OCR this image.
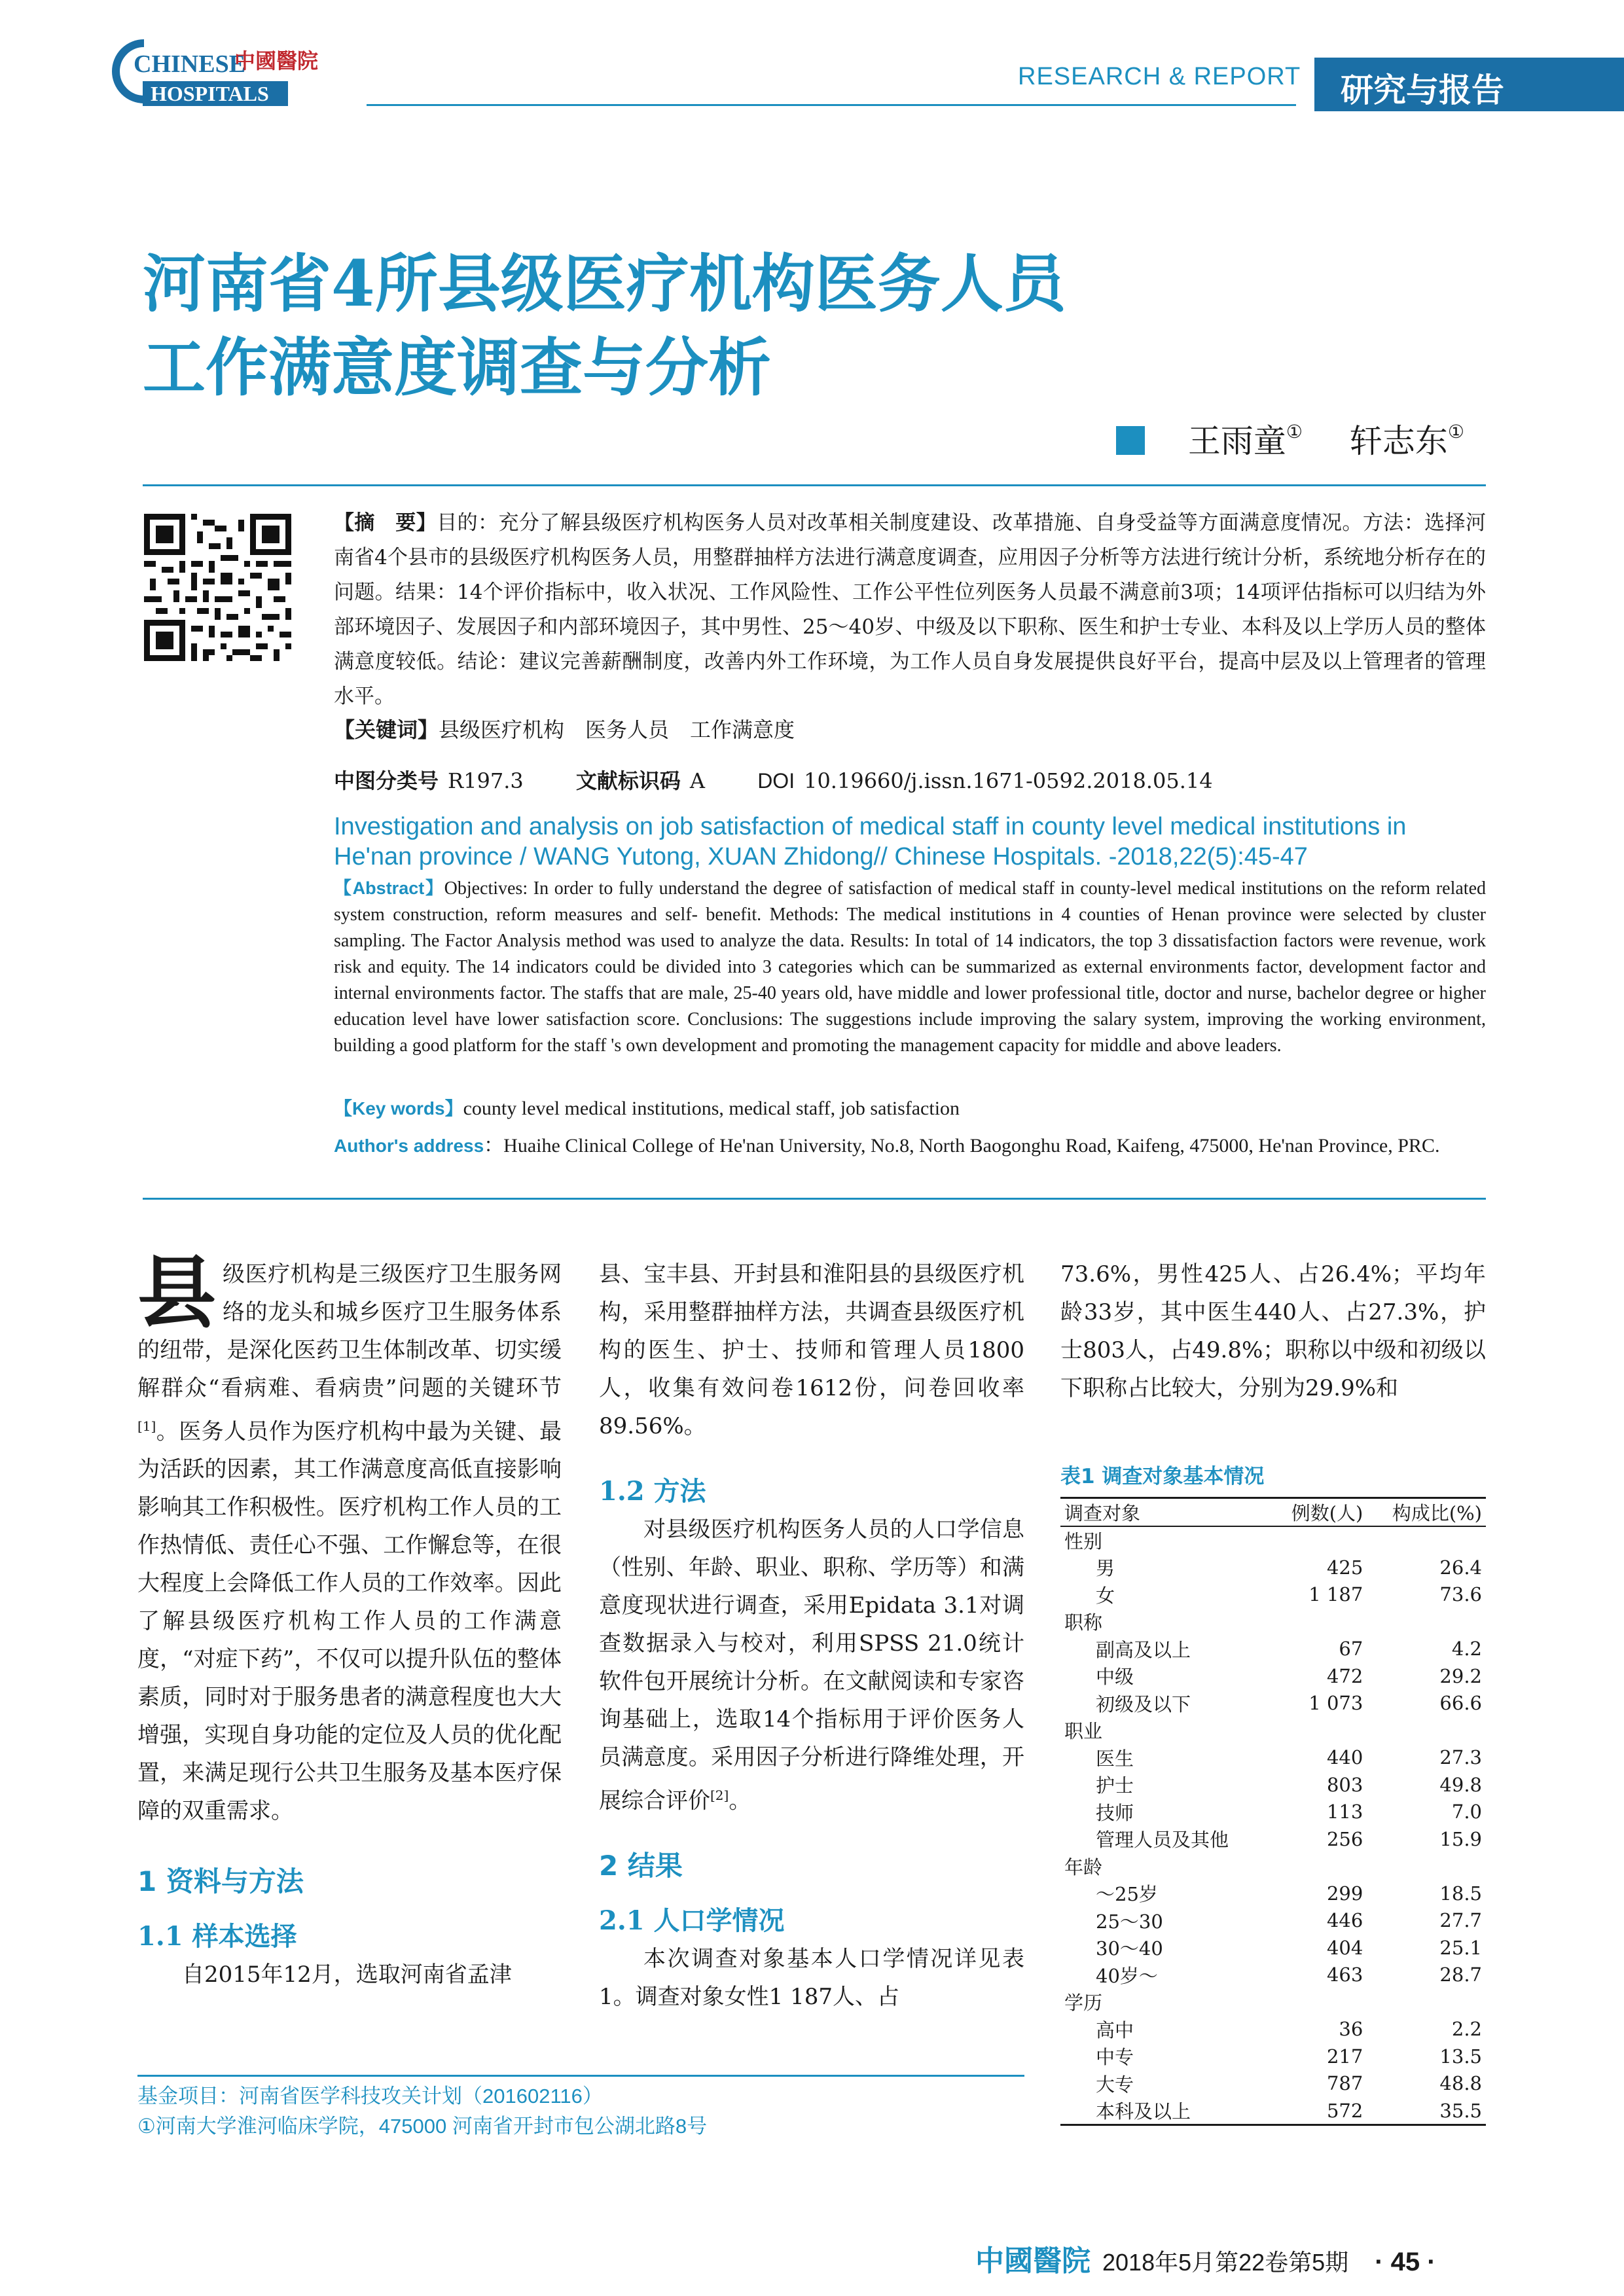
CHINESE
中國醫院
HOSPITALS
RESEARCH & REPORT	研究与报告
河南省4所县级医疗机构医务人员
工作满意度调查与分析
王雨童① 轩志东①
【摘　要】目的：充分了解县级医疗机构医务人员对改革相关制度建设、改革措施、自身受益等方面满意度情况。方法：选择河南省4个县市的县级医疗机构医务人员，用整群抽样方法进行满意度调查，应用因子分析等方法进行统计分析，系统地分析存在的问题。结果：14个评价指标中，收入状况、工作风险性、工作公平性位列医务人员最不满意前3项；14项评估指标可以归结为外部环境因子、发展因子和内部环境因子，其中男性、25～40岁、中级及以下职称、医生和护士专业、本科及以上学历人员的整体满意度较低。结论：建议完善薪酬制度，改善内外工作环境，为工作人员自身发展提供良好平台，提高中层及以上管理者的管理水平。
【关键词】县级医疗机构　医务人员　工作满意度
中图分类号 R197.3	文献标识码 A	DOI 10.19660/j.issn.1671-0592.2018.05.14
Investigation and analysis on job satisfaction of medical staff in county level medical institutions in He'nan province / WANG Yutong, XUAN Zhidong// Chinese Hospitals. -2018,22(5):45-47
【Abstract】Objectives: In order to fully understand the degree of satisfaction of medical staff in county-level medical institutions on the reform related system construction, reform measures and self- benefit. Methods: The medical institutions in 4 counties of Henan province were selected by cluster sampling. The Factor Analysis method was used to analyze the data. Results: In total of 14 indicators, the top 3 dissatisfaction factors were revenue, work risk and equity. The 14 indicators could be divided into 3 categories which can be summarized as external environments factor, development factor and internal environments factor. The staffs that are male, 25-40 years old, have middle and lower professional title, doctor and nurse, bachelor degree or higher education level have lower satisfaction score. Conclusions: The suggestions include improving the salary system, improving the working environment, building a good platform for the staff 's own development and promoting the management capacity for middle and above leaders.
【Key words】county level medical institutions, medical staff, job satisfaction
Author's address：Huaihe Clinical College of He'nan University, No.8, North Baogonghu Road, Kaifeng, 475000, He'nan Province, PRC.

县级医疗机构是三级医疗卫生服务网络的龙头和城乡医疗卫生服务体系的纽带，是深化医药卫生体制改革、切实缓解群众“看病难、看病贵”问题的关键环节[1]。医务人员作为医疗机构中最为关键、最为活跃的因素，其工作满意度高低直接影响影响其工作积极性。医疗机构工作人员的工作热情低、责任心不强、工作懈怠等，在很大程度上会降低工作人员的工作效率。因此了解县级医疗机构工作人员的工作满意度，“对症下药”，不仅可以提升队伍的整体素质，同时对于服务患者的满意程度也大大增强，实现自身功能的定位及人员的优化配置，来满足现行公共卫生服务及基本医疗保障的双重需求。

1 资料与方法

1.1 样本选择

自2015年12月，选取河南省孟津

县、宝丰县、开封县和淮阳县的县级医疗机构，采用整群抽样方法，共调查县级医疗机构的医生、护士、技师和管理人员1800人，收集有效问卷1612份，问卷回收率89.56%。

1.2 方法

对县级医疗机构医务人员的人口学信息（性别、年龄、职业、职称、学历等）和满意度现状进行调查，采用Epidata 3.1对调查数据录入与校对，利用SPSS 21.0统计软件包开展统计分析。在文献阅读和专家咨询基础上，选取14个指标用于评价医务人员满意度。采用因子分析进行降维处理，开展综合评价[2]。

2 结果

2.1 人口学情况

本次调查对象基本人口学情况详见表1。调查对象女性1 187人、占

73.6%，男性425人、占26.4%；平均年龄33岁，其中医生440人、占27.3%，护士803人，占49.8%；职称以中级和初级以下职称占比较大，分别为29.9%和

表1 调查对象基本情况
调查对象	例数(人)	构成比(%)
性别		
男	425	26.4
女	1 187	73.6
职称		
副高及以上	67	4.2
中级	472	29.2
初级及以下	1 073	66.6
职业		
医生	440	27.3
护士	803	49.8
技师	113	7.0
管理人员及其他	256	15.9
年龄		
～25岁	299	18.5
25～30	446	27.7
30～40	404	25.1
40岁～	463	28.7
学历		
高中	36	2.2
中专	217	13.5
大专	787	48.8
本科及以上	572	35.5
基金项目：河南省医学科技攻关计划（201602116）
①河南大学淮河临床学院，475000 河南省开封市包公湖北路8号
中國醫院 2018年5月第22卷第5期 · 45 ·
